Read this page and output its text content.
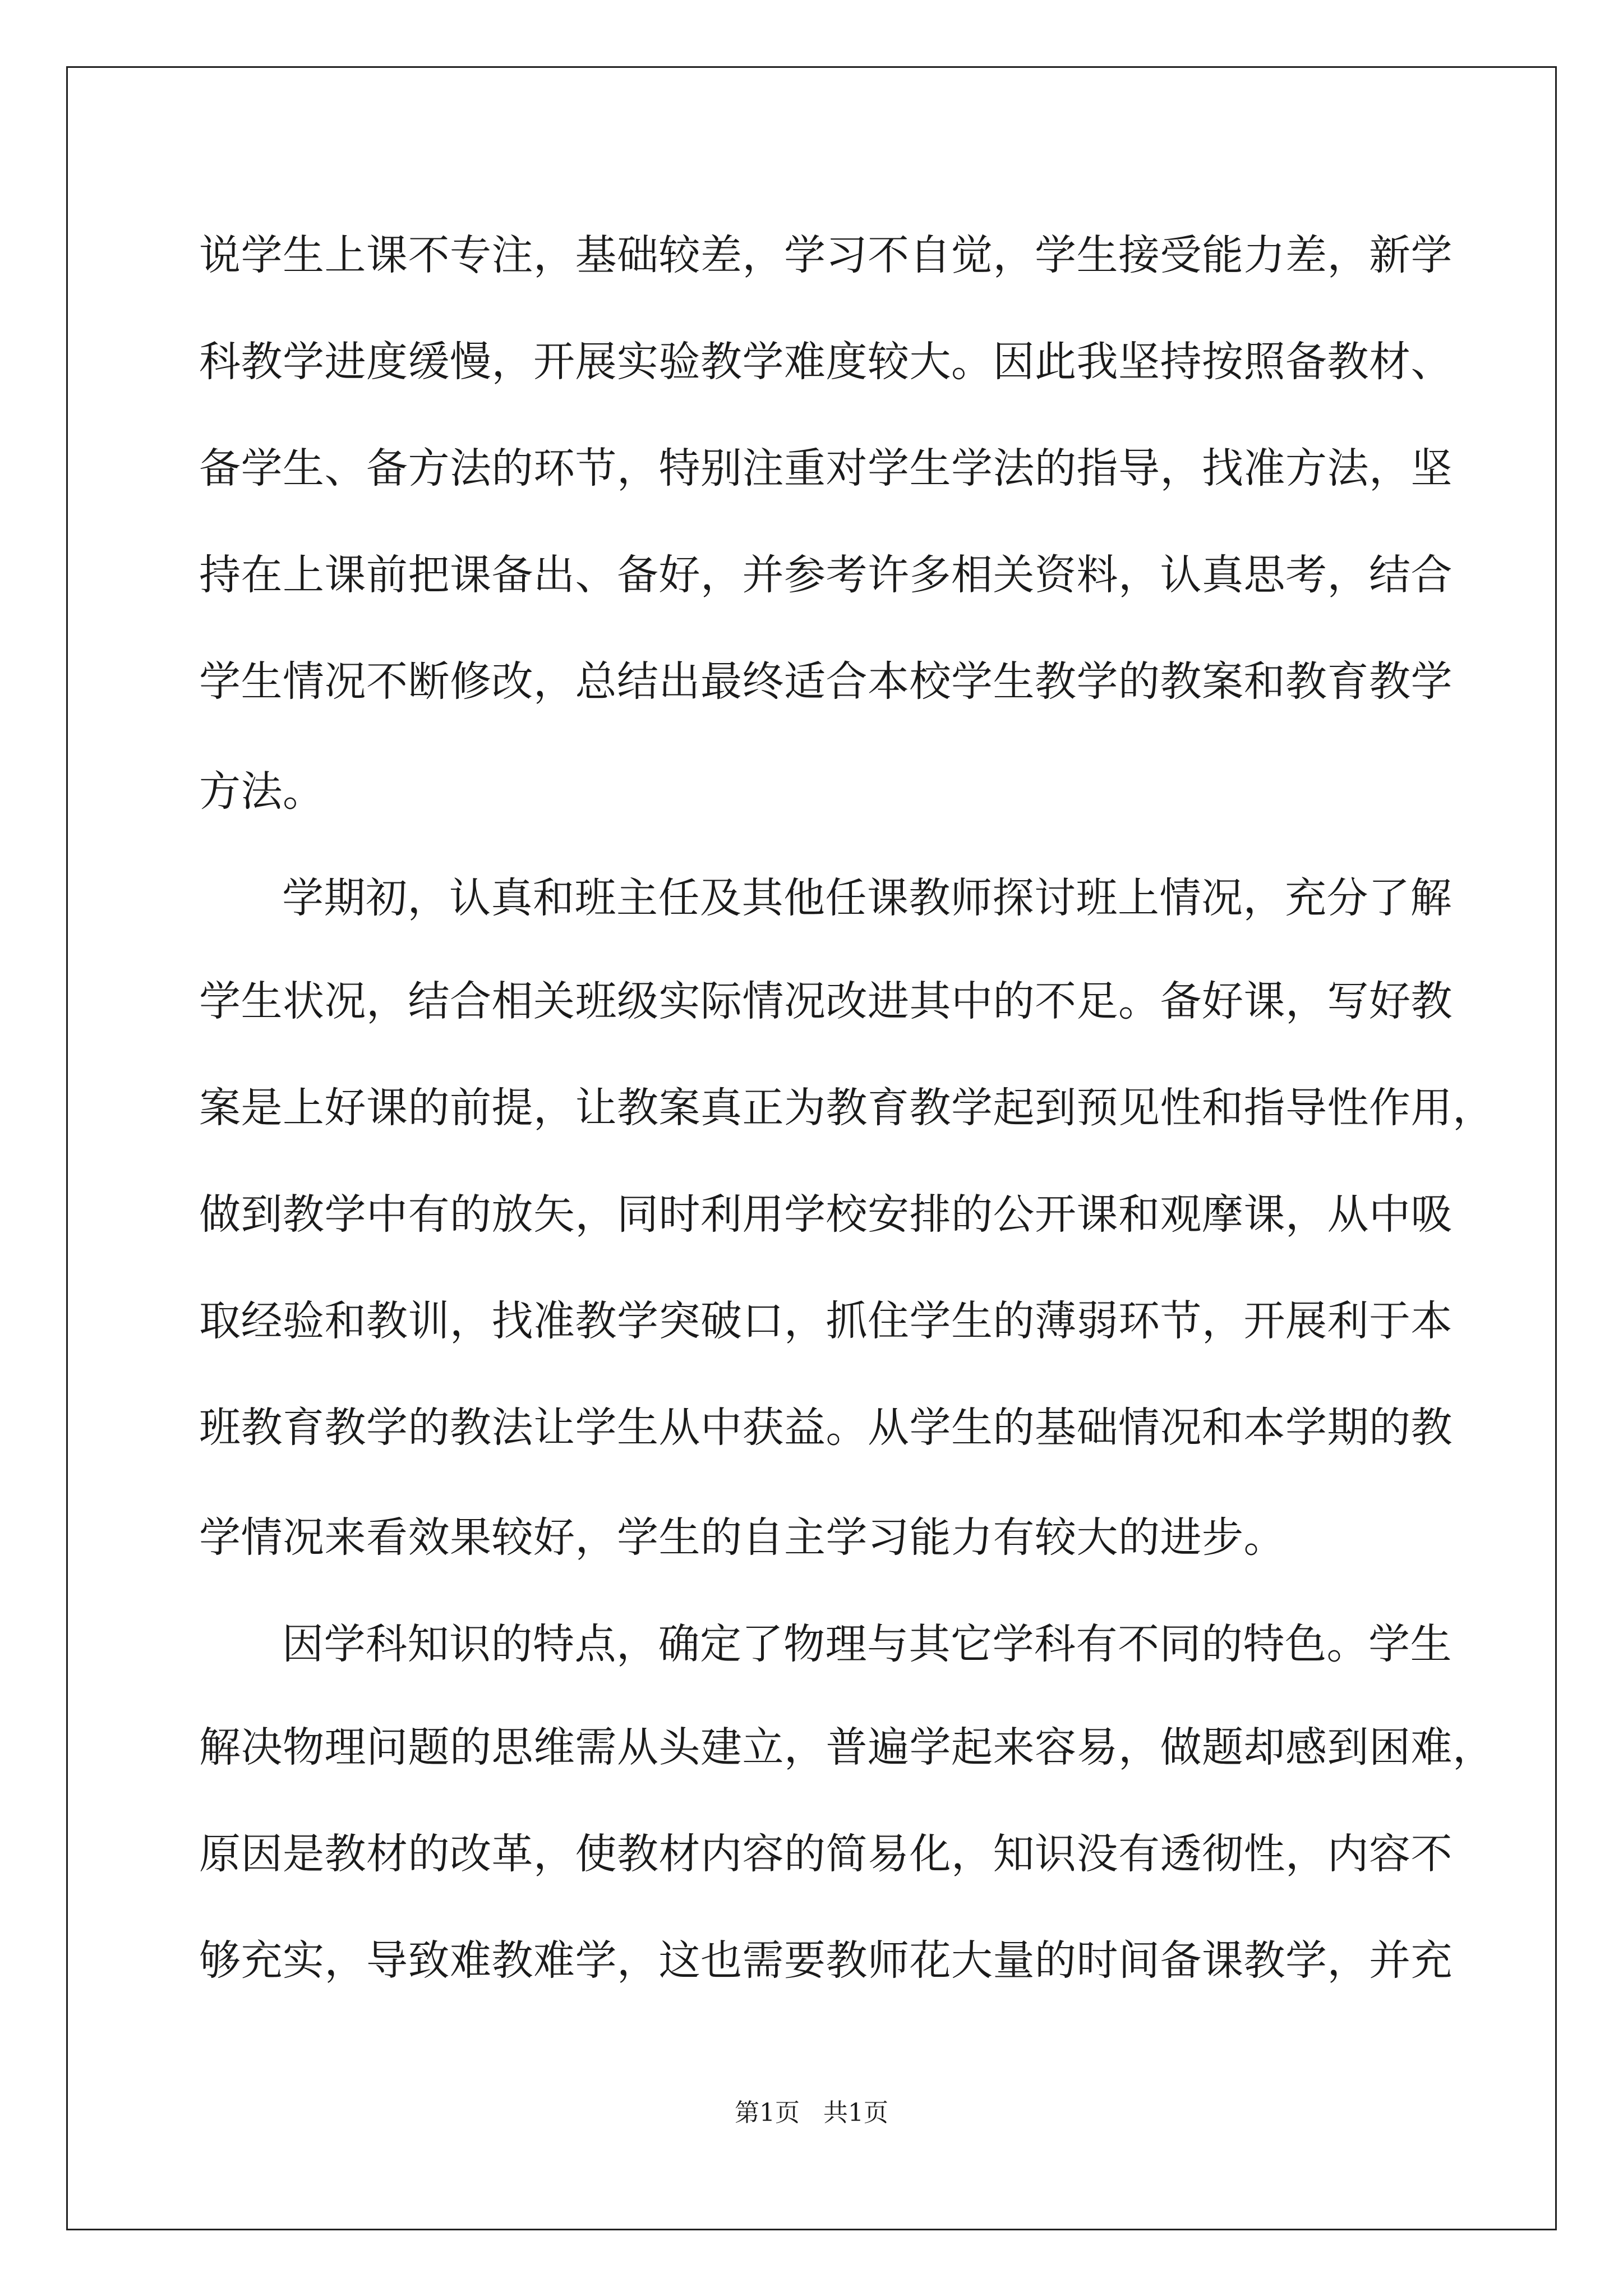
说学生上课不专注，基础较差，学习不自觉，学生接受能力差，新学
科教学进度缓慢，开展实验教学难度较大。因此我坚持按照备教材、
备学生、备方法的环节，特别注重对学生学法的指导，找准方法，坚
持在上课前把课备出、备好，并参考许多相关资料，认真思考，结合
学生情况不断修改，总结出最终适合本校学生教学的教案和教育教学
方法。
学期初，认真和班主任及其他任课教师探讨班上情况，充分了解
学生状况，结合相关班级实际情况改进其中的不足。备好课，写好教
案是上好课的前提，让教案真正为教育教学起到预见性和指导性作用，
做到教学中有的放矢，同时利用学校安排的公开课和观摩课，从中吸
取经验和教训，找准教学突破口，抓住学生的薄弱环节，开展利于本
班教育教学的教法让学生从中获益。从学生的基础情况和本学期的教
学情况来看效果较好，学生的自主学习能力有较大的进步。
因学科知识的特点，确定了物理与其它学科有不同的特色。学生
解决物理问题的思维需从头建立，普遍学起来容易，做题却感到困难，
原因是教材的改革，使教材内容的简易化，知识没有透彻性，内容不
够充实，导致难教难学，这也需要教师花大量的时间备课教学，并充
第1页 共1页
